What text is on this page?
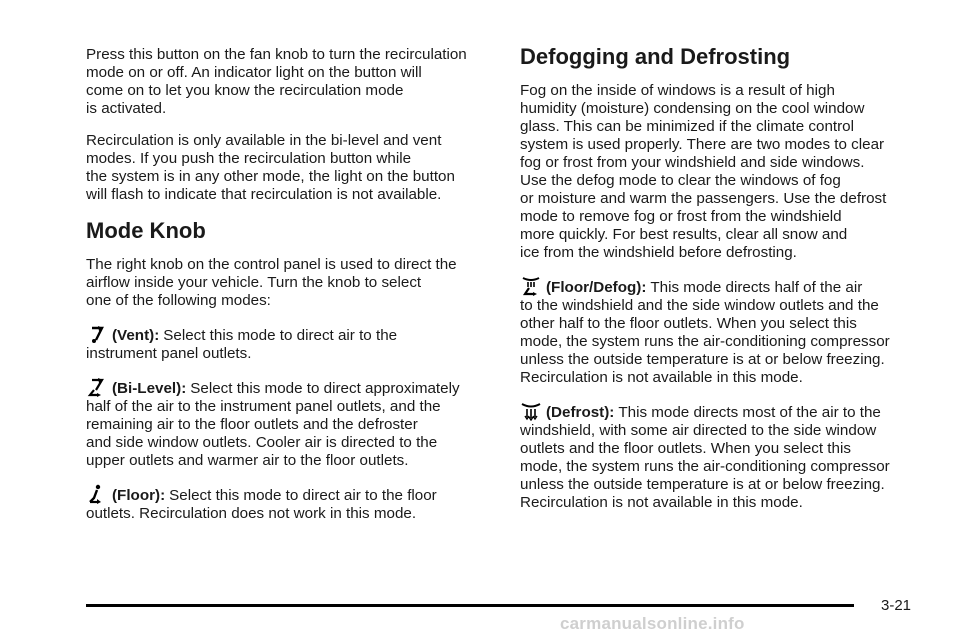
Press this button on the fan knob to turn the recirculation
mode on or off. An indicator light on the button will
come on to let you know the recirculation mode
is activated.

Recirculation is only available in the bi-level and vent
modes. If you push the recirculation button while
the system is in any other mode, the light on the button
will flash to indicate that recirculation is not available.

Mode Knob

The right knob on the control panel is used to direct the
airflow inside your vehicle. Turn the knob to select
one of the following modes:

(Vent): Select this mode to direct air to the
instrument panel outlets.

(Bi-Level): Select this mode to direct approximately
half of the air to the instrument panel outlets, and the
remaining air to the floor outlets and the defroster
and side window outlets. Cooler air is directed to the
upper outlets and warmer air to the floor outlets.

(Floor): Select this mode to direct air to the floor
outlets. Recirculation does not work in this mode.

Defogging and Defrosting

Fog on the inside of windows is a result of high
humidity (moisture) condensing on the cool window
glass. This can be minimized if the climate control
system is used properly. There are two modes to clear
fog or frost from your windshield and side windows.
Use the defog mode to clear the windows of fog
or moisture and warm the passengers. Use the defrost
mode to remove fog or frost from the windshield
more quickly. For best results, clear all snow and
ice from the windshield before defrosting.

(Floor/Defog): This mode directs half of the air
to the windshield and the side window outlets and the
other half to the floor outlets. When you select this
mode, the system runs the air-conditioning compressor
unless the outside temperature is at or below freezing.
Recirculation is not available in this mode.

(Defrost): This mode directs most of the air to the
windshield, with some air directed to the side window
outlets and the floor outlets. When you select this
mode, the system runs the air-conditioning compressor
unless the outside temperature is at or below freezing.
Recirculation is not available in this mode.

3-21
carmanualsonline.info
